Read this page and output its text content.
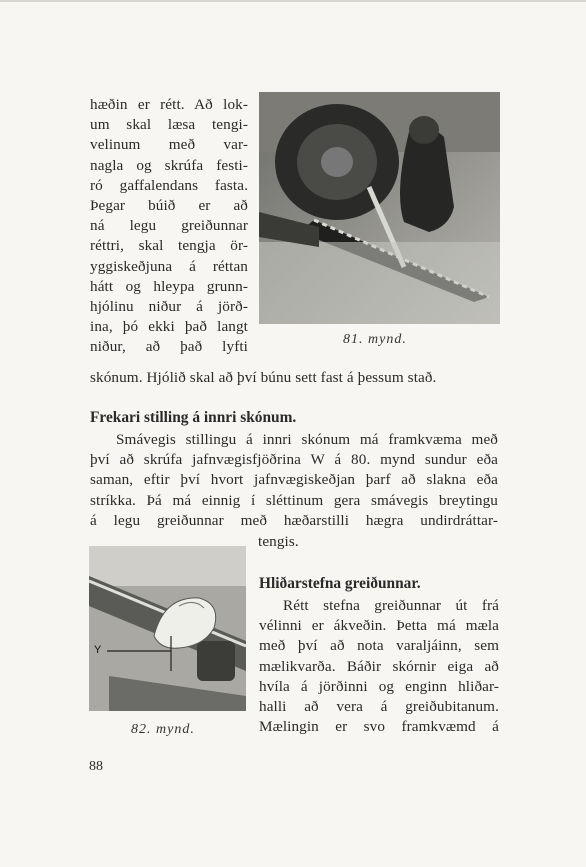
hæðin er rétt. Að lok-
um skal læsa tengi-
velinum með var-
nagla og skrúfa festi-
ró gaffalendans fasta.
Þegar búið er að
ná legu greiðunnar
réttri, skal tengja ör-
yggiskeðjuna á réttan
hátt og hleypa grunn-
hjólinu niður á jörð-
ina, þó ekki það langt
niður, að það lyfti	81. mynd.
skónum. Hjólið skal að því búnu sett fast á þessum stað.
Frekari stilling á innri skónum.
Smávegis stillingu á innri skónum má framkvæma með
því að skrúfa jafnvægisfjöðrina W á 80. mynd sundur eða
saman, eftir því hvort jafnvægiskeðjan þarf að slakna eða
stríkka. Þá má einnig í sléttinum gera smávegis breytingu
á legu greiðunnar með hæðarstilli hægra undirdráttar-
tengis.
Y
82. mynd.
Hliðarstefna greiðunnar.
Rétt stefna greiðunnar út frá
vélinni er ákveðin. Þetta má mæla
með því að nota varaljáinn, sem
mælikvarða. Báðir skórnir eiga að
hvíla á jörðinni og enginn hliðar-
halli að vera á greiðubitanum.
Mælingin er svo framkvæmd á
88
